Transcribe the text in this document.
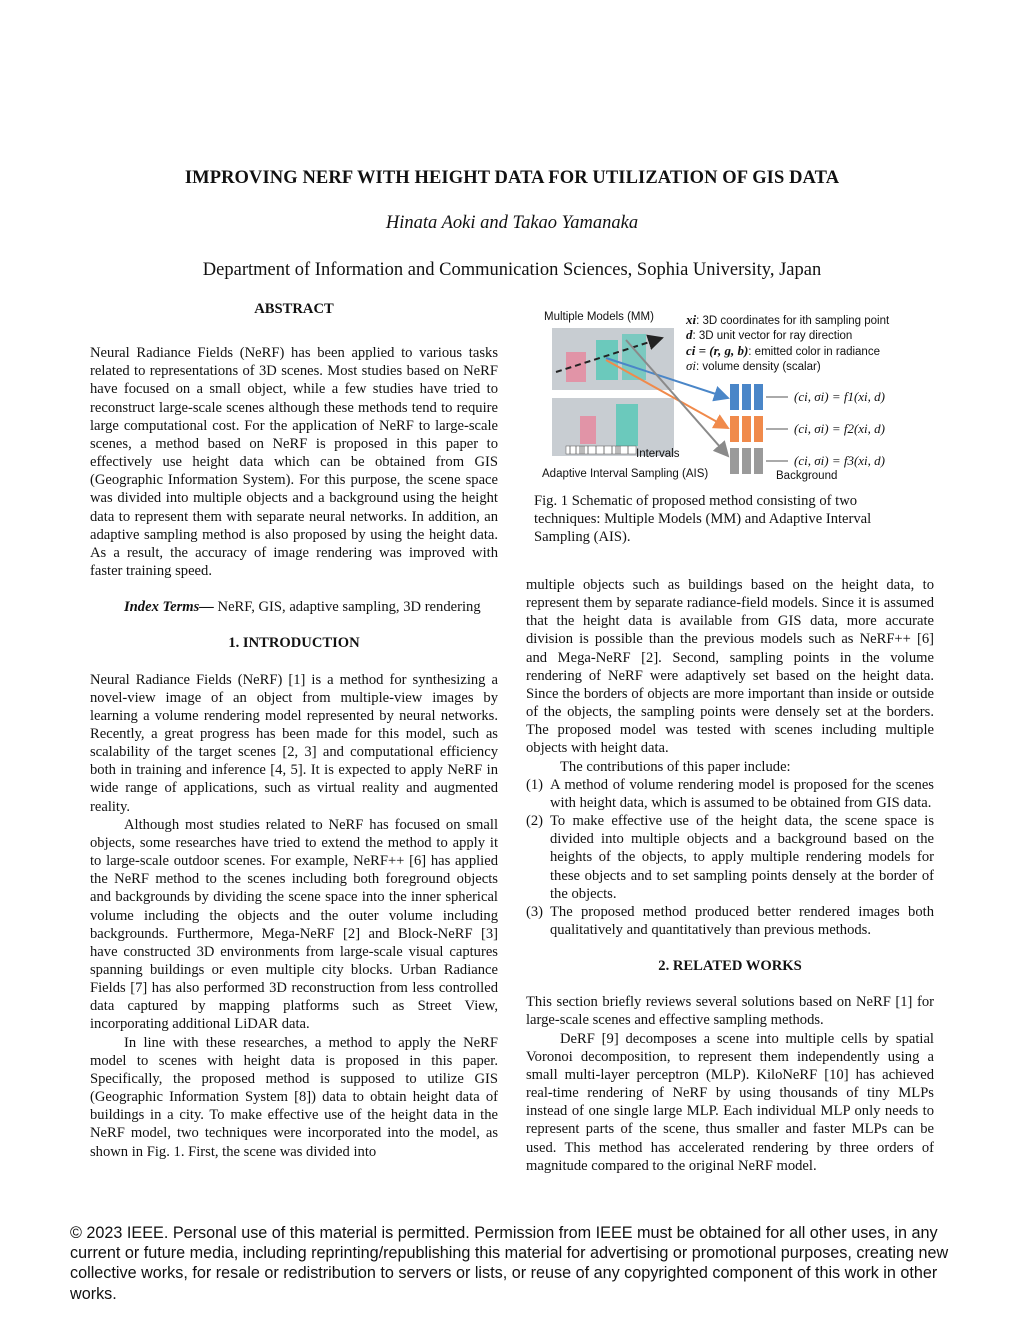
IMPROVING NERF WITH HEIGHT DATA FOR UTILIZATION OF GIS DATA
Hinata Aoki and Takao Yamanaka
Department of Information and Communication Sciences, Sophia University, Japan

ABSTRACT

Neural Radiance Fields (NeRF) has been applied to various tasks related to representations of 3D scenes. Most studies based on NeRF have focused on a small object, while a few studies have tried to reconstruct large-scale scenes although these methods tend to require large computational cost. For the application of NeRF to large-scale scenes, a method based on NeRF is proposed in this paper to effectively use height data which can be obtained from GIS (Geographic Information System). For this purpose, the scene space was divided into multiple objects and a background using the height data to represent them with separate neural networks. In addition, an adaptive sampling method is also proposed by using the height data. As a result, the accuracy of image rendering was improved with faster training speed.

Index Terms— NeRF, GIS, adaptive sampling, 3D rendering

1. INTRODUCTION

Neural Radiance Fields (NeRF) [1] is a method for synthesizing a novel-view image of an object from multiple-view images by learning a volume rendering model represented by neural networks. Recently, a great progress has been made for this model, such as scalability of the target scenes [2, 3] and computational efficiency both in training and inference [4, 5]. It is expected to apply NeRF in wide range of applications, such as virtual reality and augmented reality.

Although most studies related to NeRF has focused on small objects, some researches have tried to extend the method to apply it to large-scale outdoor scenes. For example, NeRF++ [6] has applied the NeRF method to the scenes including both foreground objects and backgrounds by dividing the scene space into the inner spherical volume including the objects and the outer volume including backgrounds. Furthermore, Mega-NeRF [2] and Block-NeRF [3] have constructed 3D environments from large-scale visual captures spanning buildings or even multiple city blocks. Urban Radiance Fields [7] has also performed 3D reconstruction from less controlled data captured by mapping platforms such as Street View, incorporating additional LiDAR data.

In line with these researches, a method to apply the NeRF model to scenes with height data is proposed in this paper. Specifically, the proposed method is supposed to utilize GIS (Geographic Information System [8]) data to obtain height data of buildings in a city. To make effective use of the height data in the NeRF model, two techniques were incorporated into the model, as shown in Fig. 1. First, the scene was divided into

Multiple Models (MM) xi: 3D coordinates for ith sampling point
d: 3D unit vector for ray direction
ci = (r, g, b): emitted color in radiance
σi: volume density (scalar)
(ci, σi) = f1(xi, d)
(ci, σi) = f2(xi, d)
(ci, σi) = f3(xi, d)
Intervals
Adaptive Interval Sampling (AIS)	Background
Fig. 1 Schematic of proposed method consisting of two techniques: Multiple Models (MM) and Adaptive Interval Sampling (AIS).

multiple objects such as buildings based on the height data, to represent them by separate radiance-field models. Since it is assumed that the height data is available from GIS data, more accurate division is possible than the previous models such as NeRF++ [6] and Mega-NeRF [2]. Second, sampling points in the volume rendering of NeRF were adaptively set based on the height data. Since the borders of objects are more important than inside or outside of the objects, the sampling points were densely set at the borders. The proposed model was tested with scenes including multiple objects with height data.

The contributions of this paper include:

(1) A method of volume rendering model is proposed for the scenes with height data, which is assumed to be obtained from GIS data.
(2) To make effective use of the height data, the scene space is divided into multiple objects and a background based on the heights of the objects, to apply multiple rendering models for these objects and to set sampling points densely at the border of the objects.
(3) The proposed method produced better rendered images both qualitatively and quantitatively than previous methods.

2. RELATED WORKS

This section briefly reviews several solutions based on NeRF [1] for large-scale scenes and effective sampling methods.

DeRF [9] decomposes a scene into multiple cells by spatial Voronoi decomposition, to represent them independently using a small multi-layer perceptron (MLP). KiloNeRF [10] has achieved real-time rendering of NeRF by using thousands of tiny MLPs instead of one single large MLP. Each individual MLP only needs to represent parts of the scene, thus smaller and faster MLPs can be used. This method has accelerated rendering by three orders of magnitude compared to the original NeRF model.

© 2023 IEEE. Personal use of this material is permitted. Permission from IEEE must be obtained for all other uses, in any current or future media, including reprinting/republishing this material for advertising or promotional purposes, creating new collective works, for resale or redistribution to servers or lists, or reuse of any copyrighted component of this work in other works.
